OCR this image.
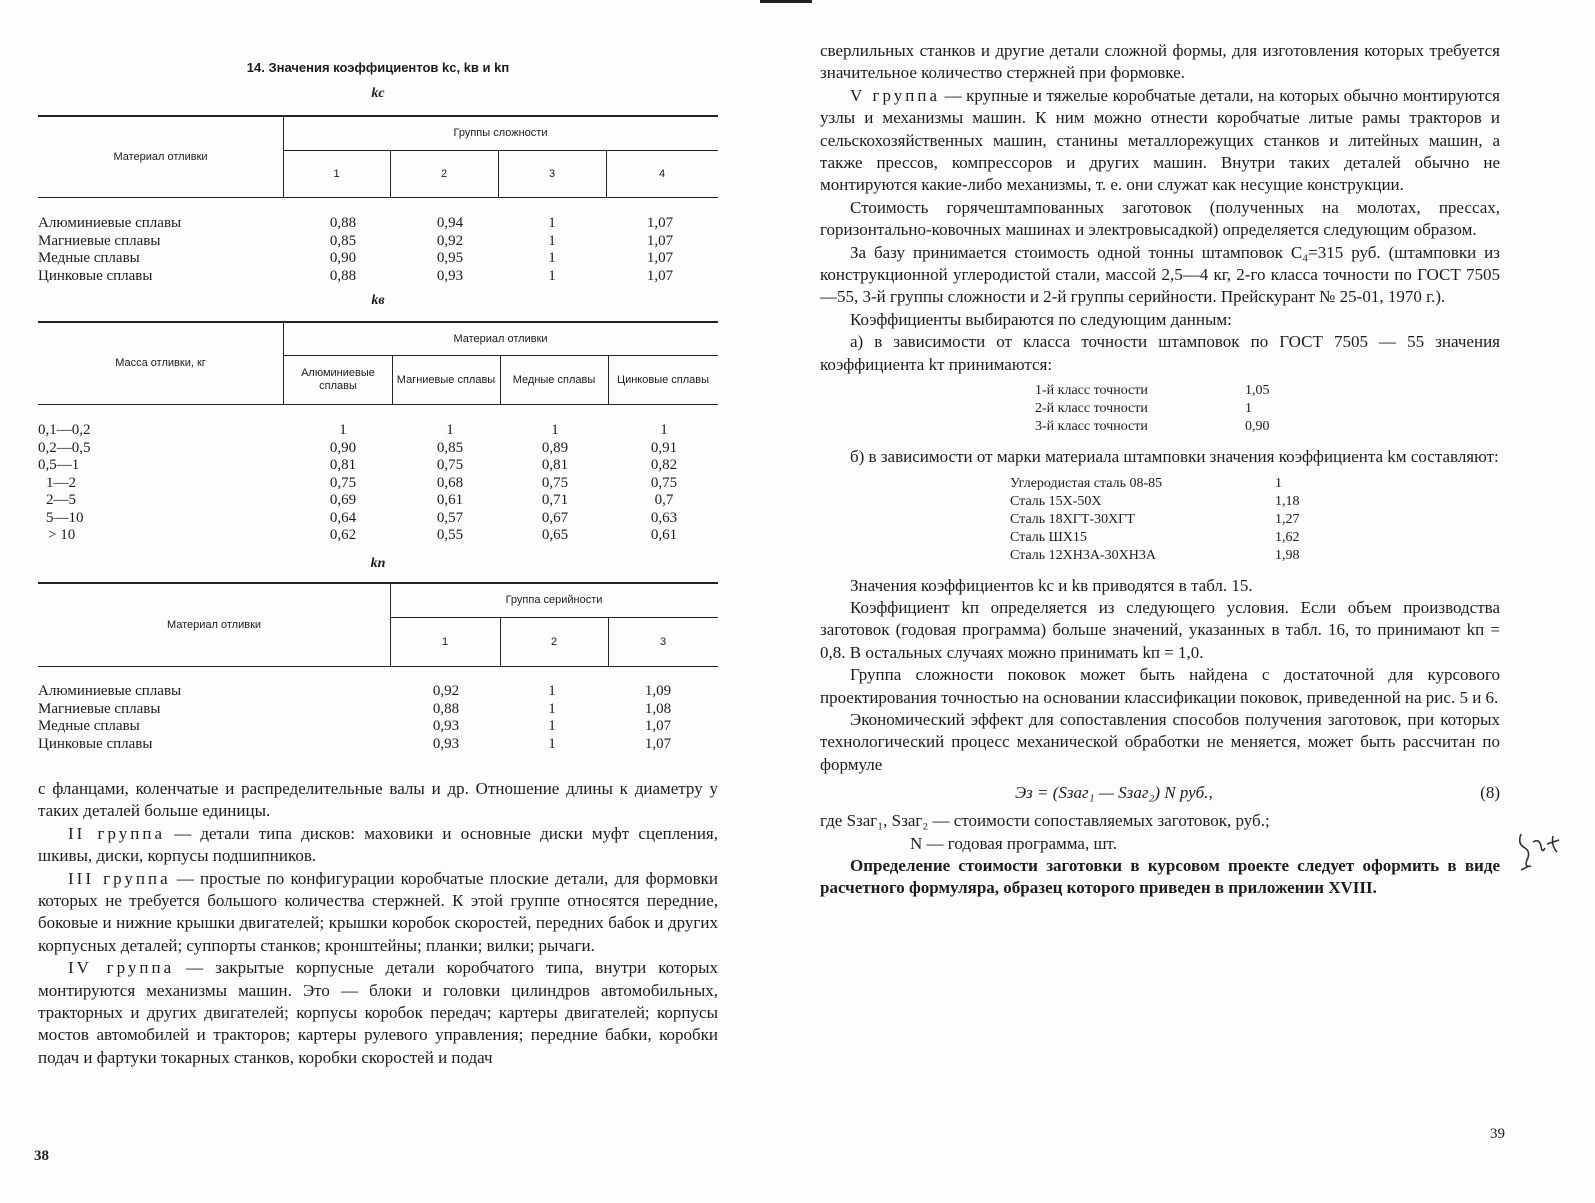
14. Значения коэффициентов kс, kв и kп
kс
Материал отливки
Группы сложности
1	2	3	4
Алюминиевые сплавы	0,88	0,94	1	1,07
Магниевые сплавы	0,85	0,92	1	1,07
Медные сплавы	0,90	0,95	1	1,07
Цинковые сплавы	0,88	0,93	1	1,07
kв
Масса отливки, кг
Материал отливки
Алюминиевые сплавы
Магниевые сплавы	Медные сплавы	Цинковые сплавы
0,1—0,2	1	1	1	1
0,2—0,5	0,90	0,85	0,89	0,91
0,5—1	0,81	0,75	0,81	0,82
1—2	0,75	0,68	0,75	0,75
2—5	0,69	0,61	0,71	0,7
5—10	0,64	0,57	0,67	0,63
> 10	0,62	0,55	0,65	0,61
kп
Материал отливки
Группа серийности
1	2	3
Алюминиевые сплавы	0,92	1	1,09
Магниевые сплавы	0,88	1	1,08
Медные сплавы	0,93	1	1,07
Цинковые сплавы	0,93	1	1,07

с фланцами, коленчатые и распределительные валы и др. Отношение длины к диаметру у таких деталей больше единицы.

II группа — детали типа дисков: маховики и основные диски муфт сцепления, шкивы, диски, корпусы подшипников.

III группа — простые по конфигурации коробчатые плоские детали, для формовки которых не требуется большого количества стержней. К этой группе относятся передние, боковые и нижние крышки двигателей; крышки коробок скоростей, передних бабок и других корпусных деталей; суппорты станков; кронштейны; планки; вилки; рычаги.

IV группа — закрытые корпусные детали коробчатого типа, внутри которых монтируются механизмы машин. Это — блоки и головки цилиндров автомобильных, тракторных и других двигателей; корпусы коробок передач; картеры двигателей; корпусы мостов автомобилей и тракторов; картеры рулевого управления; передние бабки, коробки подач и фартуки токарных станков, коробки скоростей и подач

38

сверлильных станков и другие детали сложной формы, для изготовления которых требуется значительное количество стержней при формовке.

V группа — крупные и тяжелые коробчатые детали, на которых обычно монтируются узлы и механизмы машин. К ним можно отнести коробчатые литые рамы тракторов и сельскохозяйственных машин, станины металлорежущих станков и литейных машин, а также прессов, компрессоров и других машин. Внутри таких деталей обычно не монтируются какие-либо механизмы, т. е. они служат как несущие конструкции.

Стоимость горячештампованных заготовок (полученных на молотах, прессах, горизонтально-ковочных машинах и электровысадкой) определяется следующим образом.

За базу принимается стоимость одной тонны штамповок C₄=315 руб. (штамповки из конструкционной углеродистой стали, массой 2,5—4 кг, 2-го класса точности по ГОСТ 7505—55, 3-й группы сложности и 2-й группы серийности. Прейскурант № 25-01, 1970 г.).

Коэффициенты выбираются по следующим данным:

а) в зависимости от класса точности штамповок по ГОСТ 7505 — 55 значения коэффициента kт принимаются:

1-й класс точности	1,05
2-й класс точности	1
3-й класс точности	0,90

б) в зависимости от марки материала штамповки значения коэффициента kм составляют:

Углеродистая сталь 08-85	1
Сталь 15Х-50Х	1,18
Сталь 18ХГТ-30ХГТ	1,27
Сталь ШХ15	1,62
Сталь 12ХН3А-30ХН3А	1,98

Значения коэффициентов kс и kв приводятся в табл. 15.

Коэффициент kп определяется из следующего условия. Если объем производства заготовок (годовая программа) больше значений, указанных в табл. 16, то принимают kп = 0,8. В остальных случаях можно принимать kп = 1,0.

Группа сложности поковок может быть найдена с достаточной для курсового проектирования точностью на основании классификации поковок, приведенной на рис. 5 и 6.

Экономический эффект для сопоставления способов получения заготовок, при которых технологический процесс механической обработки не меняется, может быть рассчитан по формуле

Эз = (Sзаг₁ — Sзаг₂) N руб.,	(8)

где Sзаг₁, Sзаг₂ — стоимости сопоставляемых заготовок, руб.;

N — годовая программа, шт.

Определение стоимости заготовки в курсовом проекте следует оформить в виде расчетного формуляра, образец которого приведен в приложении XVIII.

39
